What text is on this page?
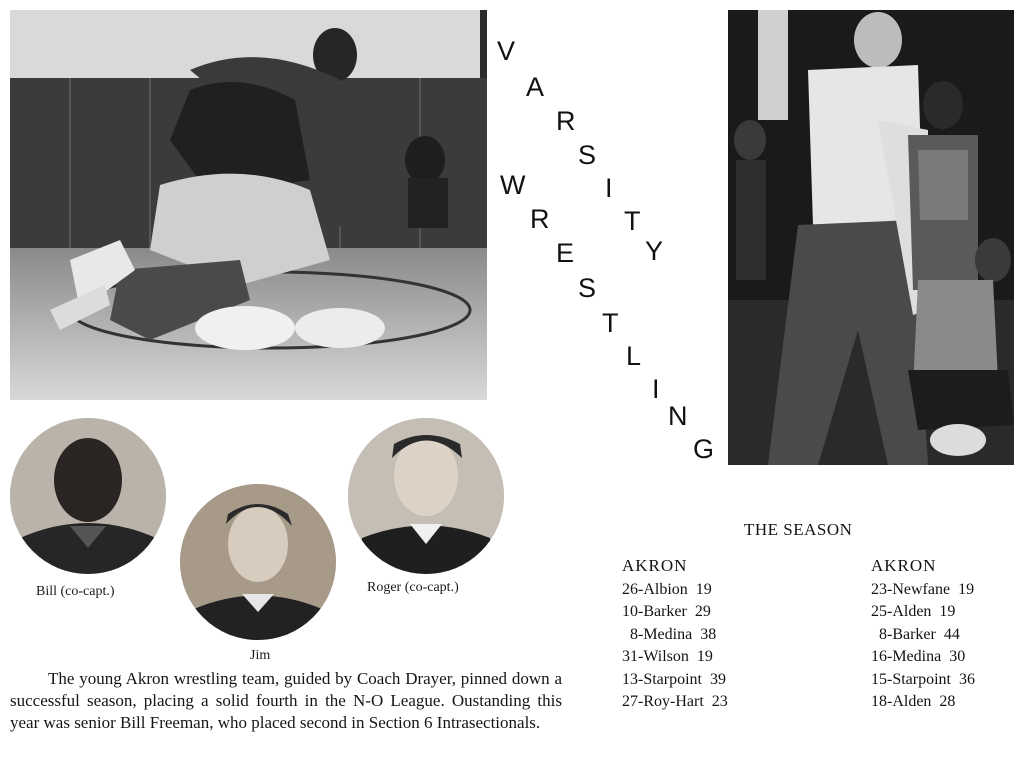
V
A
R
S
I
T
Y
W
R
E
S
T
L
I
N
G
Bill (co-capt.)
Jim
Roger (co-capt.)

The young Akron wrestling team, guided by Coach Drayer, pinned down a successful season, placing a solid fourth in the N-O League. Oustanding this year was senior Bill Freeman, who placed second in Section 6 Intrasectionals.

THE SEASON
AKRON
26-Albion  19
10-Barker  29
8-Medina  38
31-Wilson  19
13-Starpoint  39
27-Roy-Hart  23
AKRON
23-Newfane  19
25-Alden  19
8-Barker  44
16-Medina  30
15-Starpoint  36
18-Alden  28
